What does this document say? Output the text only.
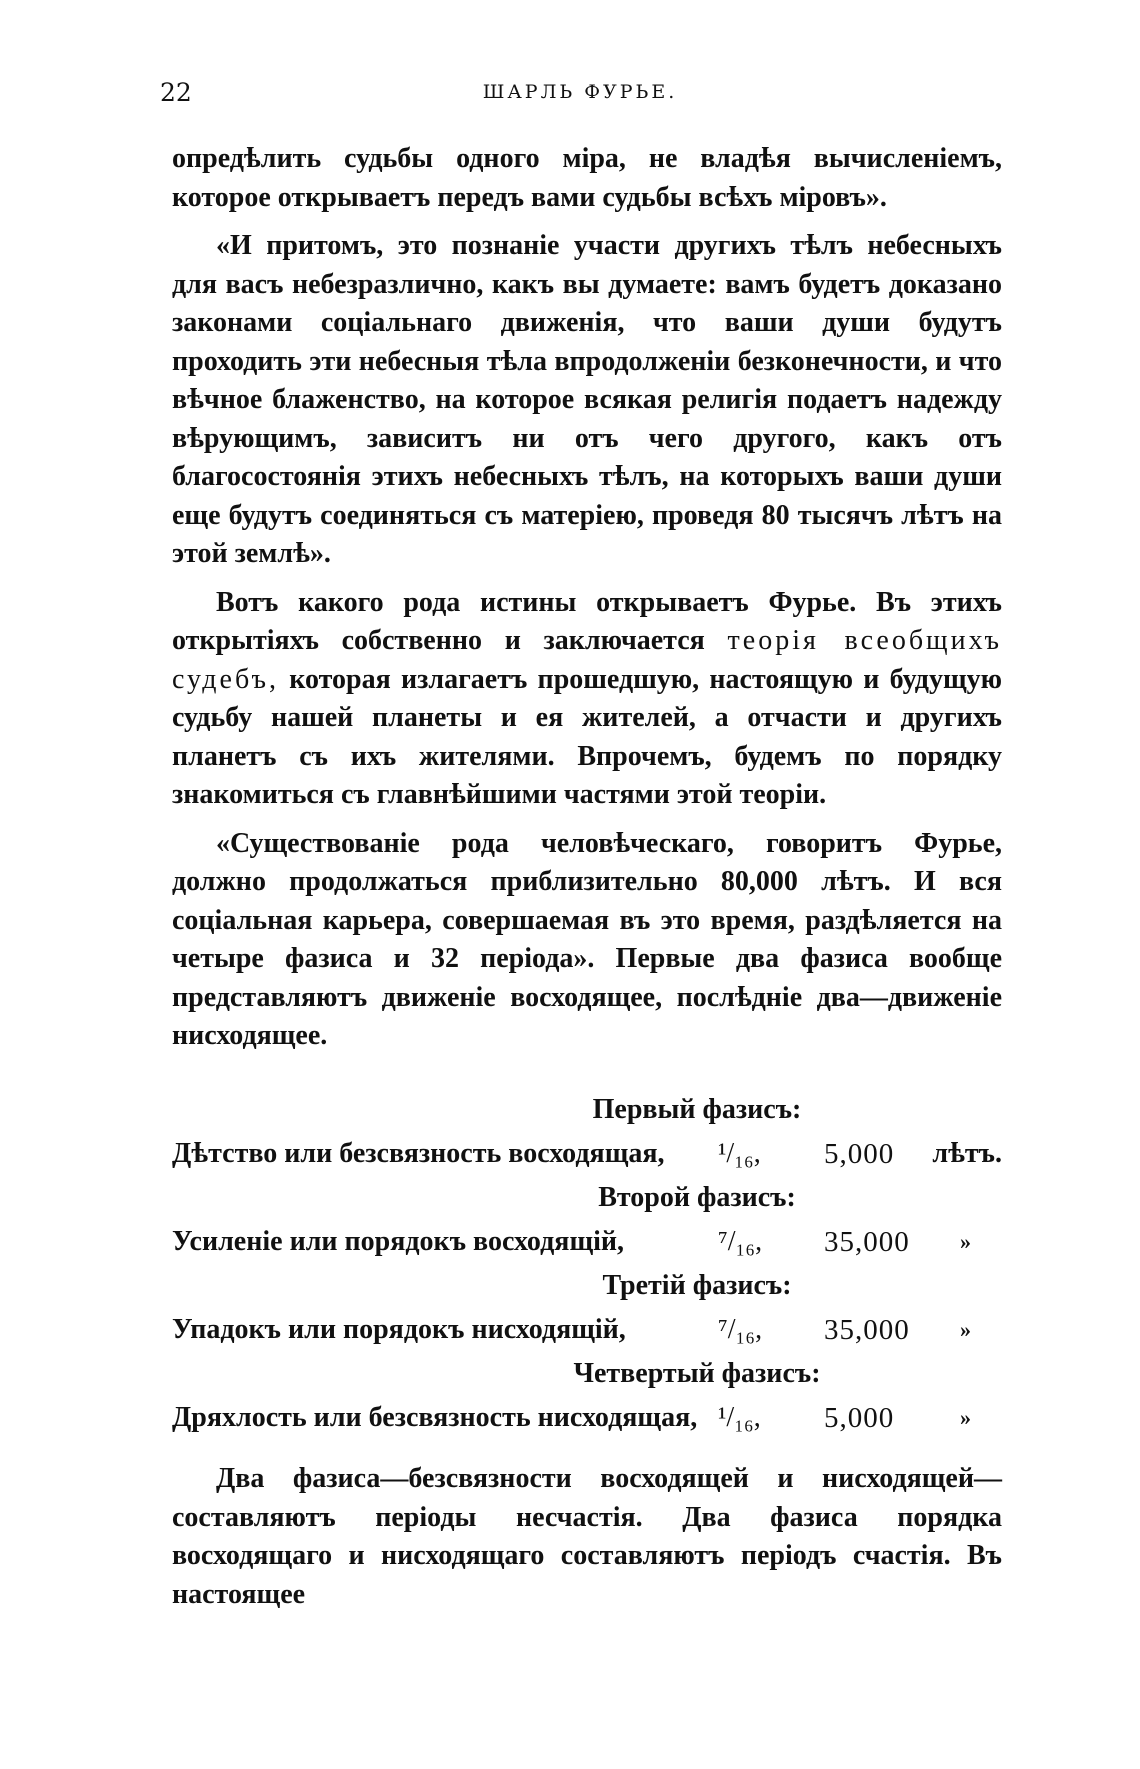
22	ШАРЛЬ ФУРЬЕ.

опредѣлить судьбы одного міра, не владѣя вычисленіемъ, которое открываетъ передъ вами судьбы всѣхъ міровъ».

«И притомъ, это познаніе участи другихъ тѣлъ небесныхъ для васъ небезразлично, какъ вы думаете: вамъ будетъ доказано законами соціальнаго движенія, что ваши души будутъ проходить эти небесныя тѣла впродолженіи безконечности, и что вѣчное блаженство, на которое всякая религія подаетъ надежду вѣрующимъ, зависитъ ни отъ чего другого, какъ отъ благосостоянія этихъ небесныхъ тѣлъ, на которыхъ ваши души еще будутъ соединяться съ матеріею, проведя 80 тысячъ лѣтъ на этой землѣ».

Вотъ какого рода истины открываетъ Фурье. Въ этихъ открытіяхъ собственно и заключается теорія всеобщихъ судебъ, которая излагаетъ прошедшую, настоящую и будущую судьбу нашей планеты и ея жителей, а отчасти и другихъ планетъ съ ихъ жителями. Впрочемъ, будемъ по порядку знакомиться съ главнѣйшими частями этой теоріи.

«Существованіе рода человѣческаго, говоритъ Фурье, должно продолжаться приблизительно 80,000 лѣтъ. И вся соціальная карьера, совершаемая въ это время, раздѣляется на четыре фазиса и 32 періода». Первые два фазиса вообще представляютъ движеніе восходящее, послѣдніе два—движеніе нисходящее.

Первый фазисъ:
Дѣтство или безсвязность восходящая, ¹/₁₆, 5,000 лѣтъ.
Второй фазисъ:
Усиленіе или порядокъ восходящій,	⁷/₁₆, 35,000 »
Третій фазисъ:
Упадокъ или порядокъ нисходящій,	⁷/₁₆, 35,000 »
Четвертый фазисъ:
Дряхлость или безсвязность нисходящая, ¹/₁₆, 5,000	»

Два фазиса—безсвязности восходящей и нисходящей—составляютъ періоды несчастія. Два фазиса порядка восходящаго и нисходящаго составляютъ періодъ счастія. Въ настоящее
